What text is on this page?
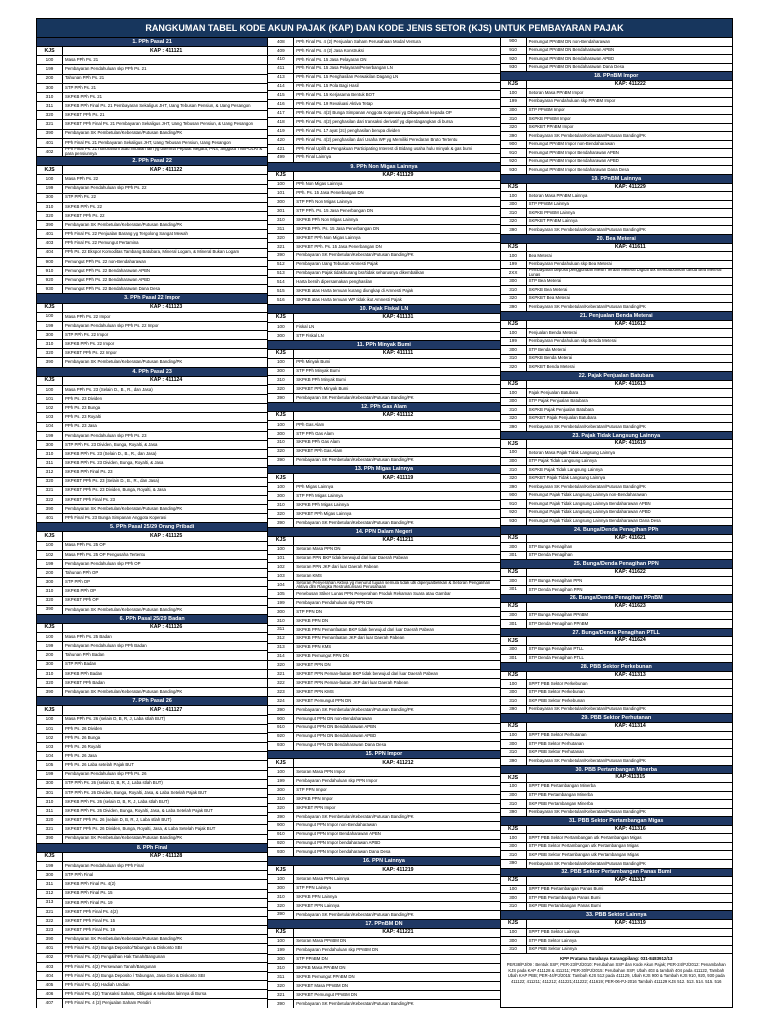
RANGKUMAN TABEL KODE AKUN PAJAK (KAP) DAN KODE JENIS SETOR (KJS) UNTUK PEMBAYARAN PAJAK
1. PPh Pasal 21
KJS	KAP : 411121
100	Masa PPh Ps. 21
199	Pembayaran Pendahuluan skp PPh Ps. 21
200	Tahunan PPh Ps. 21
300	STP PPh Ps. 21
310	SKPKB PPh Ps. 21
311	SKPKB PPh Final Ps. 21 Pembayaran Sekaligus JHT, Uang Tebusan Pensiun, & Uang Pesangon
320	SKPKBT PPh Ps. 21
321	SKPKBT PPh Final Ps. 21 Pembayaran Sekaligus JHT, Uang Tebusan Pensiun, & Uang Pesangon
390	Pembayaran SK Pembetulan/Keberatan/Putusan Banding/PK
401	PPh Final Ps. 21 Pembayaran Sekaligus JHT, Uang Tebusan Pensiun, Uang Pesangon
402	PPh Final Ps. 21 honorarium atau imbalan lain yg diterima Pejabat Negara, PNS, anggota TNI/POLRI & para pensiunnya
2. PPh Pasal 22
KJS	KAP : 411122
100	Masa PPh Ps. 22
199	Pembayaran Pendahuluan skp PPh Ps. 22
300	STP PPh Ps. 22
310	SKPKB PPh Ps. 22
320	SKPKBT PPh Ps. 22
390	Pembayaran SK Pembetulan/Keberatan/Putusan Banding/PK
401	PPh Final Ps. 22 Penjualan Barang yg Tergolong Sangat Mewah
403	PPh Final Ps. 22 Pemungut Pertamina
404	PPh Ps. 22 Ekspor Komoditas Tambang Batubara, Mineral Logam, & Mineral Bukan Logam
900	Pemungut PPh Ps. 22 non-Bendaharawan
910	Pemungut PPh Ps. 22 Bendaharawan APBN
920	Pemungut PPh Ps. 22 Bendaharawan APBD
930	Pemungut PPh Ps. 22 Bendaharawan Dana Desa
3. PPh Pasal 22 Impor
KJS	KAP : 411123
100	Masa PPh Ps. 22 Impor
199	Pembayaran Pendahuluan skp PPh Ps. 22 Impor
300	STP PPh Ps. 22 Impor
310	SKPKB PPh Ps. 22 Impor
320	SKPKBT PPh Ps. 22 Impor
390	Pembayaran SK Pembetulan/Keberatan/Putusan Banding/PK
4. PPh Pasal 23
KJS	KAP : 411124
100	Masa PPh Ps. 23 (Selain D., B., R., dan Jasa)
101	PPh Ps. 23 Dividen
102	PPh Ps. 23 Bunga
103	PPh Ps. 23 Royalti
104	PPh Ps. 23 Jasa
199	Pembayaran Pendahuluan skp PPh Ps. 23
300	STP PPh Ps. 23 Dividen, Bunga, Royalti, & Jasa
310	SKPKB PPh Ps. 23 (Selain D., B., R., dan Jasa)
311	SKPKB PPh Ps. 23 Dividen, Bunga, Royalti, & Jasa
312	SKPKB PPh Final Ps. 23
320	SKPKBT PPh Ps. 23 (Selain D., B., R., dan Jasa)
321	SKPKBT PPh Ps. 23 Dividen, Bunga, Royalti, & Jasa
322	SKPKBT PPh Final Ps. 23
390	Pembayaran SK Pembetulan/Keberatan/Putusan Banding/PK
401	PPh Final Ps. 23 Bunga Simpanan Anggota Koperasi
5. PPh Pasal 25/29 Orang Pribadi
KJS	KAP : 411125
100	Masa PPh Ps. 25 OP
102	Masa PPh Ps. 25 OP Pengusaha Tertentu
199	Pembayaran Pendahuluan skp PPh OP
200	Tahunan PPh OP
300	STP PPh OP
310	SKPKB PPh OP
320	SKPKBT PPh OP
390	Pembayaran SK Pembetulan/Keberatan/Putusan Banding/PK
6. PPh Pasal 25/29 Badan
KJS	KAP : 411126
100	Masa PPh Ps. 25 Badan
199	Pembayaran Pendahuluan skp PPh Badan
200	Tahunan PPh Badan
300	STP PPh Badan
310	SKPKB PPh Badan
320	SKPKBT PPh Badan
390	Pembayaran SK Pembetulan/Keberatan/Putusan Banding/PK
7. PPh Pasal 26
KJS	KAP : 411127
100	Masa PPh Ps. 26 (selain D, B, R, J, Laba stlah BUT)
101	PPh Ps. 26 Dividen
102	PPh Ps. 26 Bunga
103	PPh Ps. 26 Royalti
104	PPh Ps. 26 Jasa
105	PPh Ps. 26 Laba setelah Pajak BUT
199	Pembayaran Pendahuluan skp PPh Ps. 26
300	STP PPh Ps. 26 (selain D, B, R, J, Laba stlah BUT)
301	STP PPh Ps. 26 Dividen, Bunga, Royalti, Jasa, & Laba Setelah Pajak BUT
310	SKPKB PPh Ps. 26 (selain D, B, R, J, Laba stlah BUT)
311	SKPKB PPh Ps. 26 Dividen, Bunga, Royalti, Jasa, & Laba Setelah Pajak BUT
320	SKPKBT PPh Ps. 26 (selain D, B, R, J, Laba stlah BUT)
321	SKPKBT PPh Ps. 26 Dividen, Bunga, Royalti, Jasa, & Laba Setelah Pajak BUT
390	Pembayaran SK Pembetulan/Keberatan/Putusan Banding/PK
8. PPh Final
KJS	KAP : 411128
199	Pembayaran Pendahuluan skp PPh Final
300	STP PPh Final
311	SKPKB PPh Final Ps. 4(2)
312	SKPKB PPh Final Ps. 15
313	SKPKB PPh Final Ps. 19
321	SKPKBT PPh Final Ps. 4(2)
322	SKPKBT PPh Final Ps. 15
323	SKPKBT PPh Final Ps. 19
390	Pembayaran SK Pembetulan/Keberatan/Putusan Banding/PK
401	PPh Final Ps. 4(2) Bunga Deposito/Tabungan & Diskonto SBI
402	PPh Final Ps. 4(2) Pengalihan Hak Tanah/Bangunan
403	PPh Final Ps. 4(2) Persewaan Tanah/Bangunan
404	PPh Final Ps. 4(2) Bunga Deposito / Tabungan, Jasa Giro & Diskonto SBI
405	PPh Final Ps. 4(2) Hadiah Undian
406	PPh Final Ps. 4(2) Transaksi Saham, Obligasi & sekuritas lainnya di Bursa
407	PPh Final Ps. 4 (2) Penjualan Saham Pendiri
408	PPh Final Ps. 4 (2) Penjualan Saham Perusahaan Modal Ventura
409	PPh Final Ps. 4 (2) Jasa Konstruksi
410	PPh Final Ps. 15 Jasa Pelayaran DN
411	PPh Final Ps. 15 Jasa Pelayaran/Penerbangan LN
413	PPh Final Ps. 15 Penghasilan Perwakilan Dagang LN
414	PPh Final Ps. 15 Pola Bagi Hasil
415	PPh Final Ps. 15 Kerjasama Bentuk BOT
416	PPh Final Ps. 19 Revaluasi Aktiva Tetap
417	PPh Final Ps. 4(2) Bunga Simpanan Anggota Koperasi yg Dibayarkan kepada OP
418	PPh Final Ps. 4(2) penghasilan dari transaksi derivatif yg diperdagangkan di bursa
419	PPh Final Ps. 17 ayat (2c) penghasilan berupa dividen
420	PPh Final Ps. 4(2) penghasilan dari Usaha WP yg Memiliki Peredaran Bruto Tertentu
421	PPh Final Uplift & Pengakuan Participating Interest di Bidang usaha hulu minyak & gas bumi
499	PPh Final Lainnya
9. PPh Non Migas Lainnya
KJS	KAP: 411129
100	PPh Non Migas Lainnya
101	PPh. Ps. 15 Jasa Penerbangan DN
300	STP PPh Non Migas Lainnya
301	STP PPh. Ps. 15 Jasa Penerbangan DN
310	SKPKB PPh Non Migas Lainnya
311	SKPKB PPh. Ps. 15 Jasa Penerbangan DN
320	SKPKBT PPh Non Migas Lainnya
321	SKPKBT PPh. Ps. 15 Jasa Penerbangan DN
390	Pembayaran SK Pembetulan/Keberatan/Putusan Banding/PK
512	Pembayaran Uang Tebusan Amnesti Pajak
513	Pembayaran Pajak tidak/kurang bsr/tidak seharusnya dikembalikan
514	Harta bersih dipersamakan penghasilan
515	SKPKB atas Harta temuan kurang diungkap di Amnesti Pajak
516	SKPKB atas Harta temuan WP tidak ikut Amnesti Pajak
10. Pajak Fiskal LN
KJS	KAP: 411131
100	Fiskal LN
300	STP Fiskal LN
11. PPh Minyak Bumi
KJS	KAP: 411111
100	PPh Minyak Bumi
300	STP PPh Minyak Bumi
310	SKPKB PPh Minyak Bumi
320	SKPKBT PPh Minyak Bumi
390	Pembayaran SK Pembetulan/Keberatan/Putusan Banding/PK
12. PPh Gas Alam
KJS	KAP: 411112
100	PPh Gas Alam
300	STP PPh Gas Alam
310	SKPKB PPh Gas Alam
320	SKPKBT PPh Gas Alam
390	Pembayaran SK Pembetulan/Keberatan/Putusan Banding/PK
13. PPh Migas Lainnya
KJS	KAP: 411119
100	PPh Migas Lainnya
300	STP PPh Migas Lainnya
310	SKPKB PPh Migas Lainnya
320	SKPKBT PPh Migas Lainnya
390	Pembayaran SK Pembetulan/Keberatan/Putusan Banding/PK
14. PPN Dalam Negeri
KJS	KAP: 411211
100	Setoran Masa PPN DN
101	Setoran PPN BKP tidak berwujud dari luar Daerah Pabean
102	Setoran PPN JKP dari luar Daerah Pabean
103	Setoran KMS
104	Setoran Penyerahan Aktiva yg menurut tujuan semula tidak utk diperjualbelikan & Setoran Pengalihan Aktiva dlm Rangka Restrukturisasi Perusahaan
105	Penebusan Stiker Lunas PPN Penyerahan Produk Rekaman Suara atau Gambar
199	Pembayaran Pendahuluan skp PPN DN
300	STP PPN DN
310	SKPKB PPN DN
311	SKPKB PPN Pemanfaatan BKP tidak berwujud dari luar Daerah Pabean
312	SKPKB PPN Pemanfaatan JKP dari luar Daerah Pabean
313	SKPKB PPN KMS
314	SKPKB Pemungut PPN DN
320	SKPKBT PPN DN
321	SKPKBT PPN Peman-faatan BKP tidak berwujud dari luar Daerah Pabean
322	SKPKBT PPN Peman-faatan JKP dari luar Daerah Pabean
323	SKPKBT PPN KMS
324	SKPKBT Pemungut PPN DN
390	Pembayaran SK Pembetulan/Keberatan/Putusan Banding/PK
900	Pemungut PPN DN non-Bendaharawan
910	Pemungut PPN DN Bendaharawan APBN
920	Pemungut PPN DN Bendaharawan APBD
930	Pemungut PPN DN Bendaharawan Dana Desa
15. PPN Impor
KJS	KAP: 411212
100	Setoran Masa PPN Impor
199	Pembayaran Pendahuluan skp PPN Impor
300	STP PPN Impor
310	SKPKB PPN Impor
320	SKPKBT PPN Impor
390	Pembayaran SK Pembetulan/Keberatan/Putusan Banding/PK
900	Pemungut PPN Impor non-Bendaharawan
910	Pemungut PPN Impor Bendaharawan APBN
920	Pemungut PPN Impor bendaharawan APBD
930	Pemungut PPN Impor bendaharawan Dana Desa
16. PPN Lainnya
KJS	KAP: 411219
100	Setoran Masa PPN Lainnya
300	STP PPN Lainnya
310	SKPKB PPN Lainnya
320	SKPKBT PPN Lainnya
390	Pembayaran SK Pembetulan/Keberatan/Putusan Banding/PK
17. PPnBM DN
KJS	KAP: 411221
100	Setoran Masa PPnBM DN
199	Pembayaran Pendahuluan skp PPnBM DN
300	STP PPnBM DN
310	SKPKB Masa PPnBM DN
311	SKPKB Pemungut PPnBM DN
320	SKPKBT Masa PPnBM DN
321	SKPKBT Pemungut PPnBM DN
390	Pembayaran SK Pembetulan/Keberatan/Putusan Banding/PK
900	Pemungut PPnBM DN non-Bendaharawan
910	Pemungut PPnBM DN Bendaharawan APBN
920	Pemungut PPnBM DN Bendaharawan APBD
930	Pemungut PPnBM DN Bendaharawan Dana Desa
18. PPnBM Impor
KJS	KAP: 411222
100	Setoran Masa PPnBM Impor
199	Pembayaran Pendahuluan skp PPnBM Impor
300	STP PPnBM Impor
310	SKPKB PPnBM Impor
320	SKPKBT PPnBM Impor
390	Pembayaran SK Pembetulan/Keberatan/Putusan Banding/PK
900	Pemungut PPnBM Impor non-Bendaharawan
910	Pemungut PPnBM Impor Bendaharawan APBN
920	Pemungut PPnBM Impor Bendaharawan APBD
930	Pemungut PPnBM Impor Bendaharawan Dana Desa
19. PPnBM Lainnya
KJS	KAP: 411229
100	Setoran Masa PPnBM Lainnya
300	STP PPnBM Lainnya
310	SKPKB PPnBM Lainnya
320	SKPKBT PPnBM Lainnya
390	Pembayaran SK Pembetulan/Keberatan/Putusan Banding/PK
20. Bea Meterai
KJS	KAP: 411611
100	Bea Meterai
199	Pembayaran Pendahuluan skp Bea Meterai
2XX	Pembayaran deposit penggunaan Mesin Teraan Meterai Digital utk membubuhkan tanda Bea Meterai Lunas
300	STP Bea Meterai
310	SKPKB Bea Meterai
320	SKPKBT Bea Meterai
390	Pembayaran SK Pembetulan/Keberatan/Putusan Banding/PK
21. Penjualan Benda Meterai
KJS	KAP: 411612
100	Penjualan Benda Meterai
199	Pembayaran Pendahuluan skp Benda Meterai
300	STP Benda Meterai
310	SKPKB Benda Meterai
320	SKPKBT Benda Meterai
22. Pajak Penjualan Batubara
KJS	KAP: 411613
100	Pajak Penjualan Batubara
300	STP Pajak Penjualan Batubara
310	SKPKB Pajak Penjualan Batubara
320	SKPKBT Pajak Penjualan Batubara
390	Pembayaran SK Pembetulan/Keberatan/Putusan Banding/PK
23. Pajak Tidak Langsung Lainnya
KJS	KAP: 411619
100	Setoran Masa Pajak Tidak Langsung Lainnya
300	STP Pajak Tidak Langsung Lainnya
310	SKPKB Pajak Tidak Langsung Lainnya
320	SKPKBT Pajak Tidak Langsung Lainnya
390	Pembayaran SK Pembetulan/Keberatan/Putusan Banding/PK
900	Pemungut Pajak Tidak Langsung Lainnya non-Bendaharawan
910	Pemungut Pajak Tidak Langsung Lainnya Bendaharawan APBN
920	Pemungut Pajak Tidak Langsung Lainnya Bendaharawan APBD
930	Pemungut Pajak Tidak Langsung Lainnya Bendaharawan Dana Desa
24. Bunga/Denda Penagihan PPh
KJS	KAP: 411621
300	STP Bunga Penagihan
301	STP Denda Penagihan
25. Bunga/Denda Penagihan PPN
KJS	KAP: 411622
300	STP Bunga Penagihan PPN
301	STP Denda Penagihan PPN
26. Bunga/Denda Penagihan PPnBM
KJS	KAP: 411623
300	STP Bunga Penagihan PPnBM
301	STP Denda Penagihan PPnBM
27. Bunga/Denda Penagihan PTLL
KJS	KAP: 411624
300	STP Bunga Penagihan PTLL
301	STP Denda Penagihan PTLL
28. PBB Sektor Perkebunan
KJS	KAP: 411313
100	SPPT PBB Sektor Perkebunan
300	STP PBB Sektor Perkebunan
310	SKP PBB Sektor Perkebunan
390	Pembayaran SK Pembetulan/Keberatan/Putusan Banding/PK
29. PBB Sektor Perhutanan
KJS	KAP: 411314
100	SPPT PBB Sektor Perhutanan
300	STP PBB Sektor Perhutanan
310	SKP PBB Sektor Perhutanan
390	Pembayaran SK Pembetulan/Keberatan/Putusan Banding/PK
30. PBB Pertambangan Minerba
KJS	KAP:411315
100	SPPT PBB Pertambangan Minerba
300	STP PBB Pertambangan Minerba
310	SKP PBB Pertambangan Minerba
390	Pembayaran SK Pembetulan/Keberatan/Putusan Banding/PK
31. PBB Sektor Pertambangan Migas
KJS	KAP: 411316
100	SPPT PBB Sektor Pertambangan utk Pertambangan Migas
300	STP PBB Sektor Pertambangan utk Pertambangan Migas
310	SKP PBB Sektor Pertambangan utk Pertambangan Migas
390	Pembayaran SK Pembetulan/Keberatan/Putusan Banding/PK
32. PBB Sektor Pertambangan Panas Bumi
KJS	KAP: 411317
100	SPPT PBB Pertambangan Panas Bumi
300	STP PBB Pertambangan Panas Bumi
310	SKP PBB Pertambangan Panas Bumi
33. PBB Sektor Lainnya
KJS	KAP: 411319
100	SPPT PBB Sektor Lainnya
300	STP PBB Sektor Lainnya
310	SKP PBB Sektor Lainnya
KPP Pratama Surabaya Karangpilang: 031-8483912/13
PER38/PJ/09 : Bentuk SSP; PER-23/PJ/2010: Perubahan SSP dan Kode Akun Pajak; PER-24/PJ/2012: Penambahan KJS pada KAP 411128 & 411211; PER-30/PJ/2015: Perubahan SSP, Ubah 403 & tambah 404 pada 411122, Tambah Ubah KAP PBB; PER-44/PJ/2015: Tambah KJS 512 pada 411129, Ubah KJS 900 & Tambah KJS 910, 920, 930 pada 411122; 411211; 411212; 411221;411222; 411619; PER-06-PJ-2016 Tambah 411129 KJS 512. 513. 514. 515. 516
